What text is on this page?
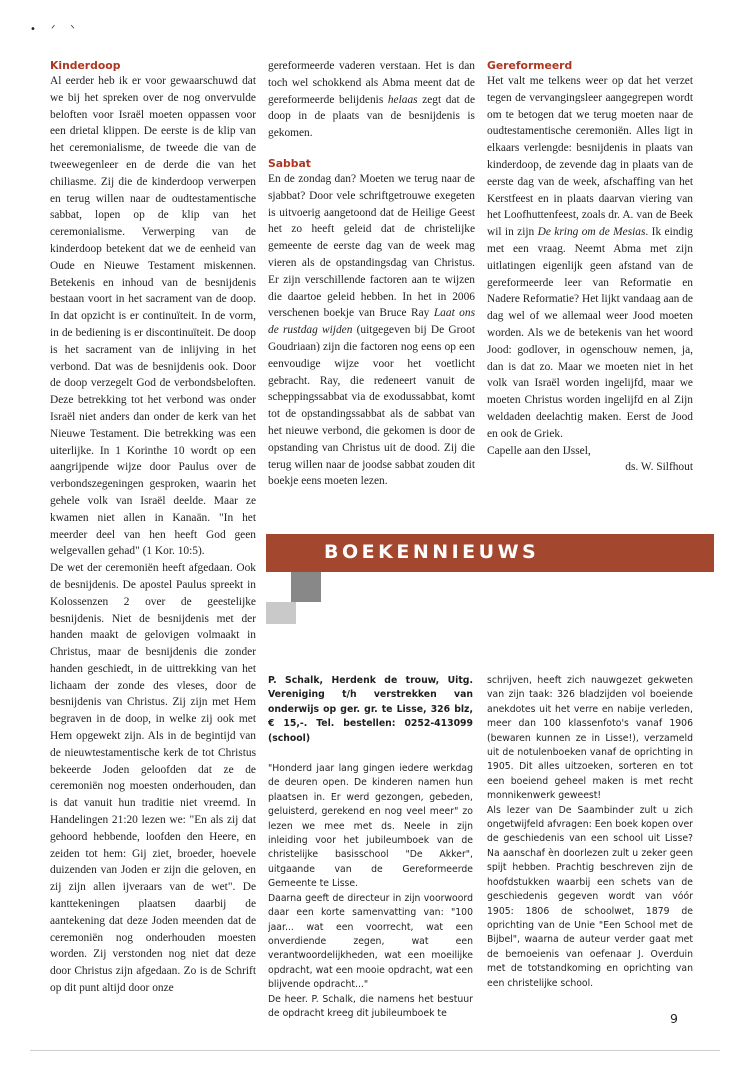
• ᐟ ᐠ
Kinderdoop

Al eerder heb ik er voor gewaarschuwd dat we bij het spreken over de nog onvervulde beloften voor Israël moeten oppassen voor een drietal klippen. De eerste is de klip van het ceremonialisme, de tweede die van de tweewegenleer en de derde die van het chiliasme. Zij die de kinderdoop verwerpen en terug willen naar de oudtestamentische sabbat, lopen op de klip van het ceremonialisme. Verwerping van de kinderdoop betekent dat we de eenheid van Oude en Nieuwe Testament miskennen. Betekenis en inhoud van de besnijdenis bestaan voort in het sacrament van de doop. In dat opzicht is er continuïteit. In de vorm, in de bediening is er discontinuïteit. De doop is het sacrament van de inlijving in het verbond. Dat was de besnijdenis ook. Door de doop verzegelt God de verbondsbeloften. Deze betrekking tot het verbond was onder Israël niet anders dan onder de kerk van het Nieuwe Testament. Die betrekking was een uiterlijke. In 1 Korinthe 10 wordt op een aangrijpende wijze door Paulus over de verbondszegeningen gesproken, waarin het gehele volk van Israël deelde. Maar ze kwamen niet allen in Kanaän. "In het meerder deel van hen heeft God geen welgevallen gehad" (1 Kor. 10:5).

De wet der ceremoniën heeft afgedaan. Ook de besnijdenis. De apostel Paulus spreekt in Kolossenzen 2 over de geestelijke besnijdenis. Niet de besnijdenis met der handen maakt de gelovigen volmaakt in Christus, maar de besnijdenis die zonder handen geschiedt, in de uittrekking van het lichaam der zonde des vleses, door de besnijdenis van Christus. Zij zijn met Hem begraven in de doop, in welke zij ook met Hem opgewekt zijn. Als in de begintijd van de nieuwtestamentische kerk de tot Christus bekeerde Joden geloofden dat ze de ceremoniën nog moesten onderhouden, dan is dat vanuit hun traditie niet vreemd. In Handelingen 21:20 lezen we: "En als zij dat gehoord hebbende, loofden den Heere, en zeiden tot hem: Gij ziet, broeder, hoevele duizenden van Joden er zijn die geloven, en zij zijn allen ijveraars van de wet". De kanttekeningen plaatsen daarbij de aantekening dat deze Joden meenden dat de ceremoniën nog onderhouden moesten worden. Zij verstonden nog niet dat deze door Christus zijn afgedaan. Zo is de Schrift op dit punt altijd door onze

gereformeerde vaderen verstaan. Het is dan toch wel schokkend als Abma meent dat de gereformeerde belijdenis helaas zegt dat de doop in de plaats van de besnijdenis is gekomen.

Sabbat

En de zondag dan? Moeten we terug naar de sjabbat? Door vele schriftgetrouwe exegeten is uitvoerig aangetoond dat de Heilige Geest het zo heeft geleid dat de christelijke gemeente de eerste dag van de week mag vieren als de opstandingsdag van Christus. Er zijn verschillende factoren aan te wijzen die daartoe geleid hebben. In het in 2006 verschenen boekje van Bruce Ray Laat ons de rustdag wijden (uitgegeven bij De Groot Goudriaan) zijn die factoren nog eens op een eenvoudige wijze voor het voetlicht gebracht. Ray, die redeneert vanuit de scheppingssabbat via de exodussabbat, komt tot de opstandingssabbat als de sabbat van het nieuwe verbond, die gekomen is door de opstanding van Christus uit de dood. Zij die terug willen naar de joodse sabbat zouden dit boekje eens moeten lezen.

Gereformeerd

Het valt me telkens weer op dat het verzet tegen de vervangingsleer aangegrepen wordt om te betogen dat we terug moeten naar de oudtestamentische ceremoniën. Alles ligt in elkaars verlengde: besnijdenis in plaats van kinderdoop, de zevende dag in plaats van de eerste dag van de week, afschaffing van het Kerstfeest en in plaats daarvan viering van het Loofhuttenfeest, zoals dr. A. van de Beek wil in zijn De kring om de Mesias. Ik eindig met een vraag. Neemt Abma met zijn uitlatingen eigenlijk geen afstand van de gereformeerde leer van Reformatie en Nadere Reformatie? Het lijkt vandaag aan de dag wel of we allemaal weer Jood moeten worden. Als we de betekenis van het woord Jood: godlover, in ogenschouw nemen, ja, dan is dat zo. Maar we moeten niet in het volk van Israël worden ingelijfd, maar we moeten Christus worden ingelijfd en al Zijn weldaden deelachtig maken. Eerst de Jood en ook de Griek.

Capelle aan den IJssel,

ds. W. Silfhout

BOEKENNIEUWS

P. Schalk, Herdenk de trouw, Uitg. Vereniging t/h verstrekken van onderwijs op ger. gr. te Lisse, 326 blz, € 15,-. Tel. bestellen: 0252-413099 (school)

"Honderd jaar lang gingen iedere werkdag de deuren open. De kinderen namen hun plaatsen in. Er werd gezongen, gebeden, geluisterd, gerekend en nog veel meer" zo lezen we mee met ds. Neele in zijn inleiding voor het jubileumboek van de christelijke basisschool "De Akker", uitgaande van de Gereformeerde Gemeente te Lisse.

Daarna geeft de directeur in zijn voorwoord daar een korte samenvatting van: "100 jaar... wat een voorrecht, wat een onverdiende zegen, wat een verantwoordelijkheden, wat een moeilijke opdracht, wat een mooie opdracht, wat een blijvende opdracht..."

De heer. P. Schalk, die namens het bestuur de opdracht kreeg dit jubileumboek te

schrijven, heeft zich nauwgezet gekweten van zijn taak: 326 bladzijden vol boeiende anekdotes uit het verre en nabije verleden, meer dan 100 klassenfoto's vanaf 1906 (bewaren kunnen ze in Lisse!), verzameld uit de notulenboeken vanaf de oprichting in 1905. Dit alles uitzoeken, sorteren en tot een boeiend geheel maken is met recht monnikenwerk geweest!

Als lezer van De Saambinder zult u zich ongetwijfeld afvragen: Een boek kopen over de geschiedenis van een school uit Lisse? Na aanschaf èn doorlezen zult u zeker geen spijt hebben. Prachtig beschreven zijn de hoofdstukken waarbij een schets van de geschiedenis gegeven wordt van vóór 1905: 1806 de schoolwet, 1879 de oprichting van de Unie "Een School met de Bijbel", waarna de auteur verder gaat met de bemoeienis van oefenaar J. Overduin met de totstandkoming en oprichting van een christelijke school.

9
